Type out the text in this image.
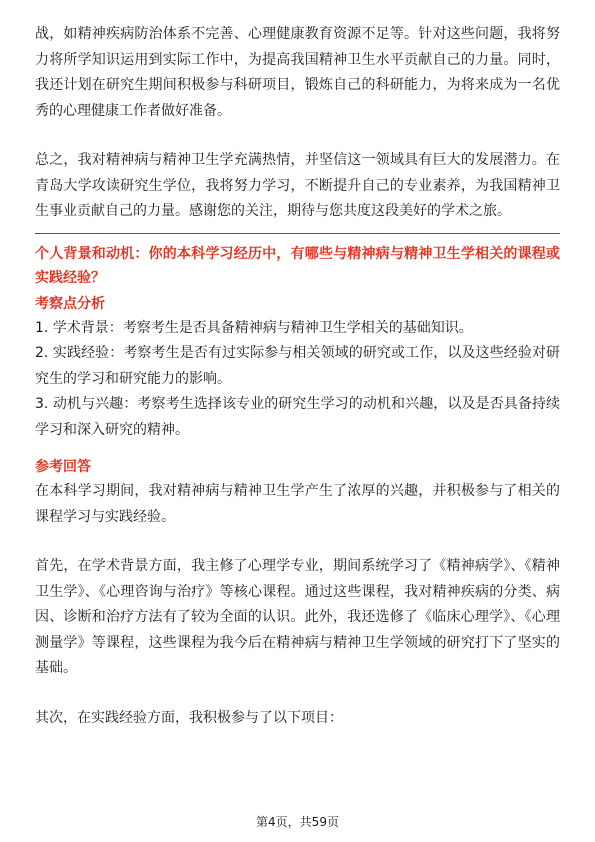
战，如精神疾病防治体系不完善、心理健康教育资源不足等。针对这些问题，我将努力将所学知识运用到实际工作中，为提高我国精神卫生水平贡献自己的力量。同时，我还计划在研究生期间积极参与科研项目，锻炼自己的科研能力，为将来成为一名优秀的心理健康工作者做好准备。

总之，我对精神病与精神卫生学充满热情，并坚信这一领域具有巨大的发展潜力。在青岛大学攻读研究生学位，我将努力学习，不断提升自己的专业素养，为我国精神卫生事业贡献自己的力量。感谢您的关注，期待与您共度这段美好的学术之旅。

个人背景和动机：你的本科学习经历中，有哪些与精神病与精神卫生学相关的课程或实践经验？

考察点分析

1. 学术背景：考察考生是否具备精神病与精神卫生学相关的基础知识。

2. 实践经验：考察考生是否有过实际参与相关领域的研究或工作，以及这些经验对研究生的学习和研究能力的影响。

3. 动机与兴趣：考察考生选择该专业的研究生学习的动机和兴趣，以及是否具备持续学习和深入研究的精神。

参考回答

在本科学习期间，我对精神病与精神卫生学产生了浓厚的兴趣，并积极参与了相关的课程学习与实践经验。

首先，在学术背景方面，我主修了心理学专业，期间系统学习了《精神病学》、《精神卫生学》、《心理咨询与治疗》等核心课程。通过这些课程，我对精神疾病的分类、病因、诊断和治疗方法有了较为全面的认识。此外，我还选修了《临床心理学》、《心理测量学》等课程，这些课程为我今后在精神病与精神卫生学领域的研究打下了坚实的基础。

其次，在实践经验方面，我积极参与了以下项目：

第4页，共59页
